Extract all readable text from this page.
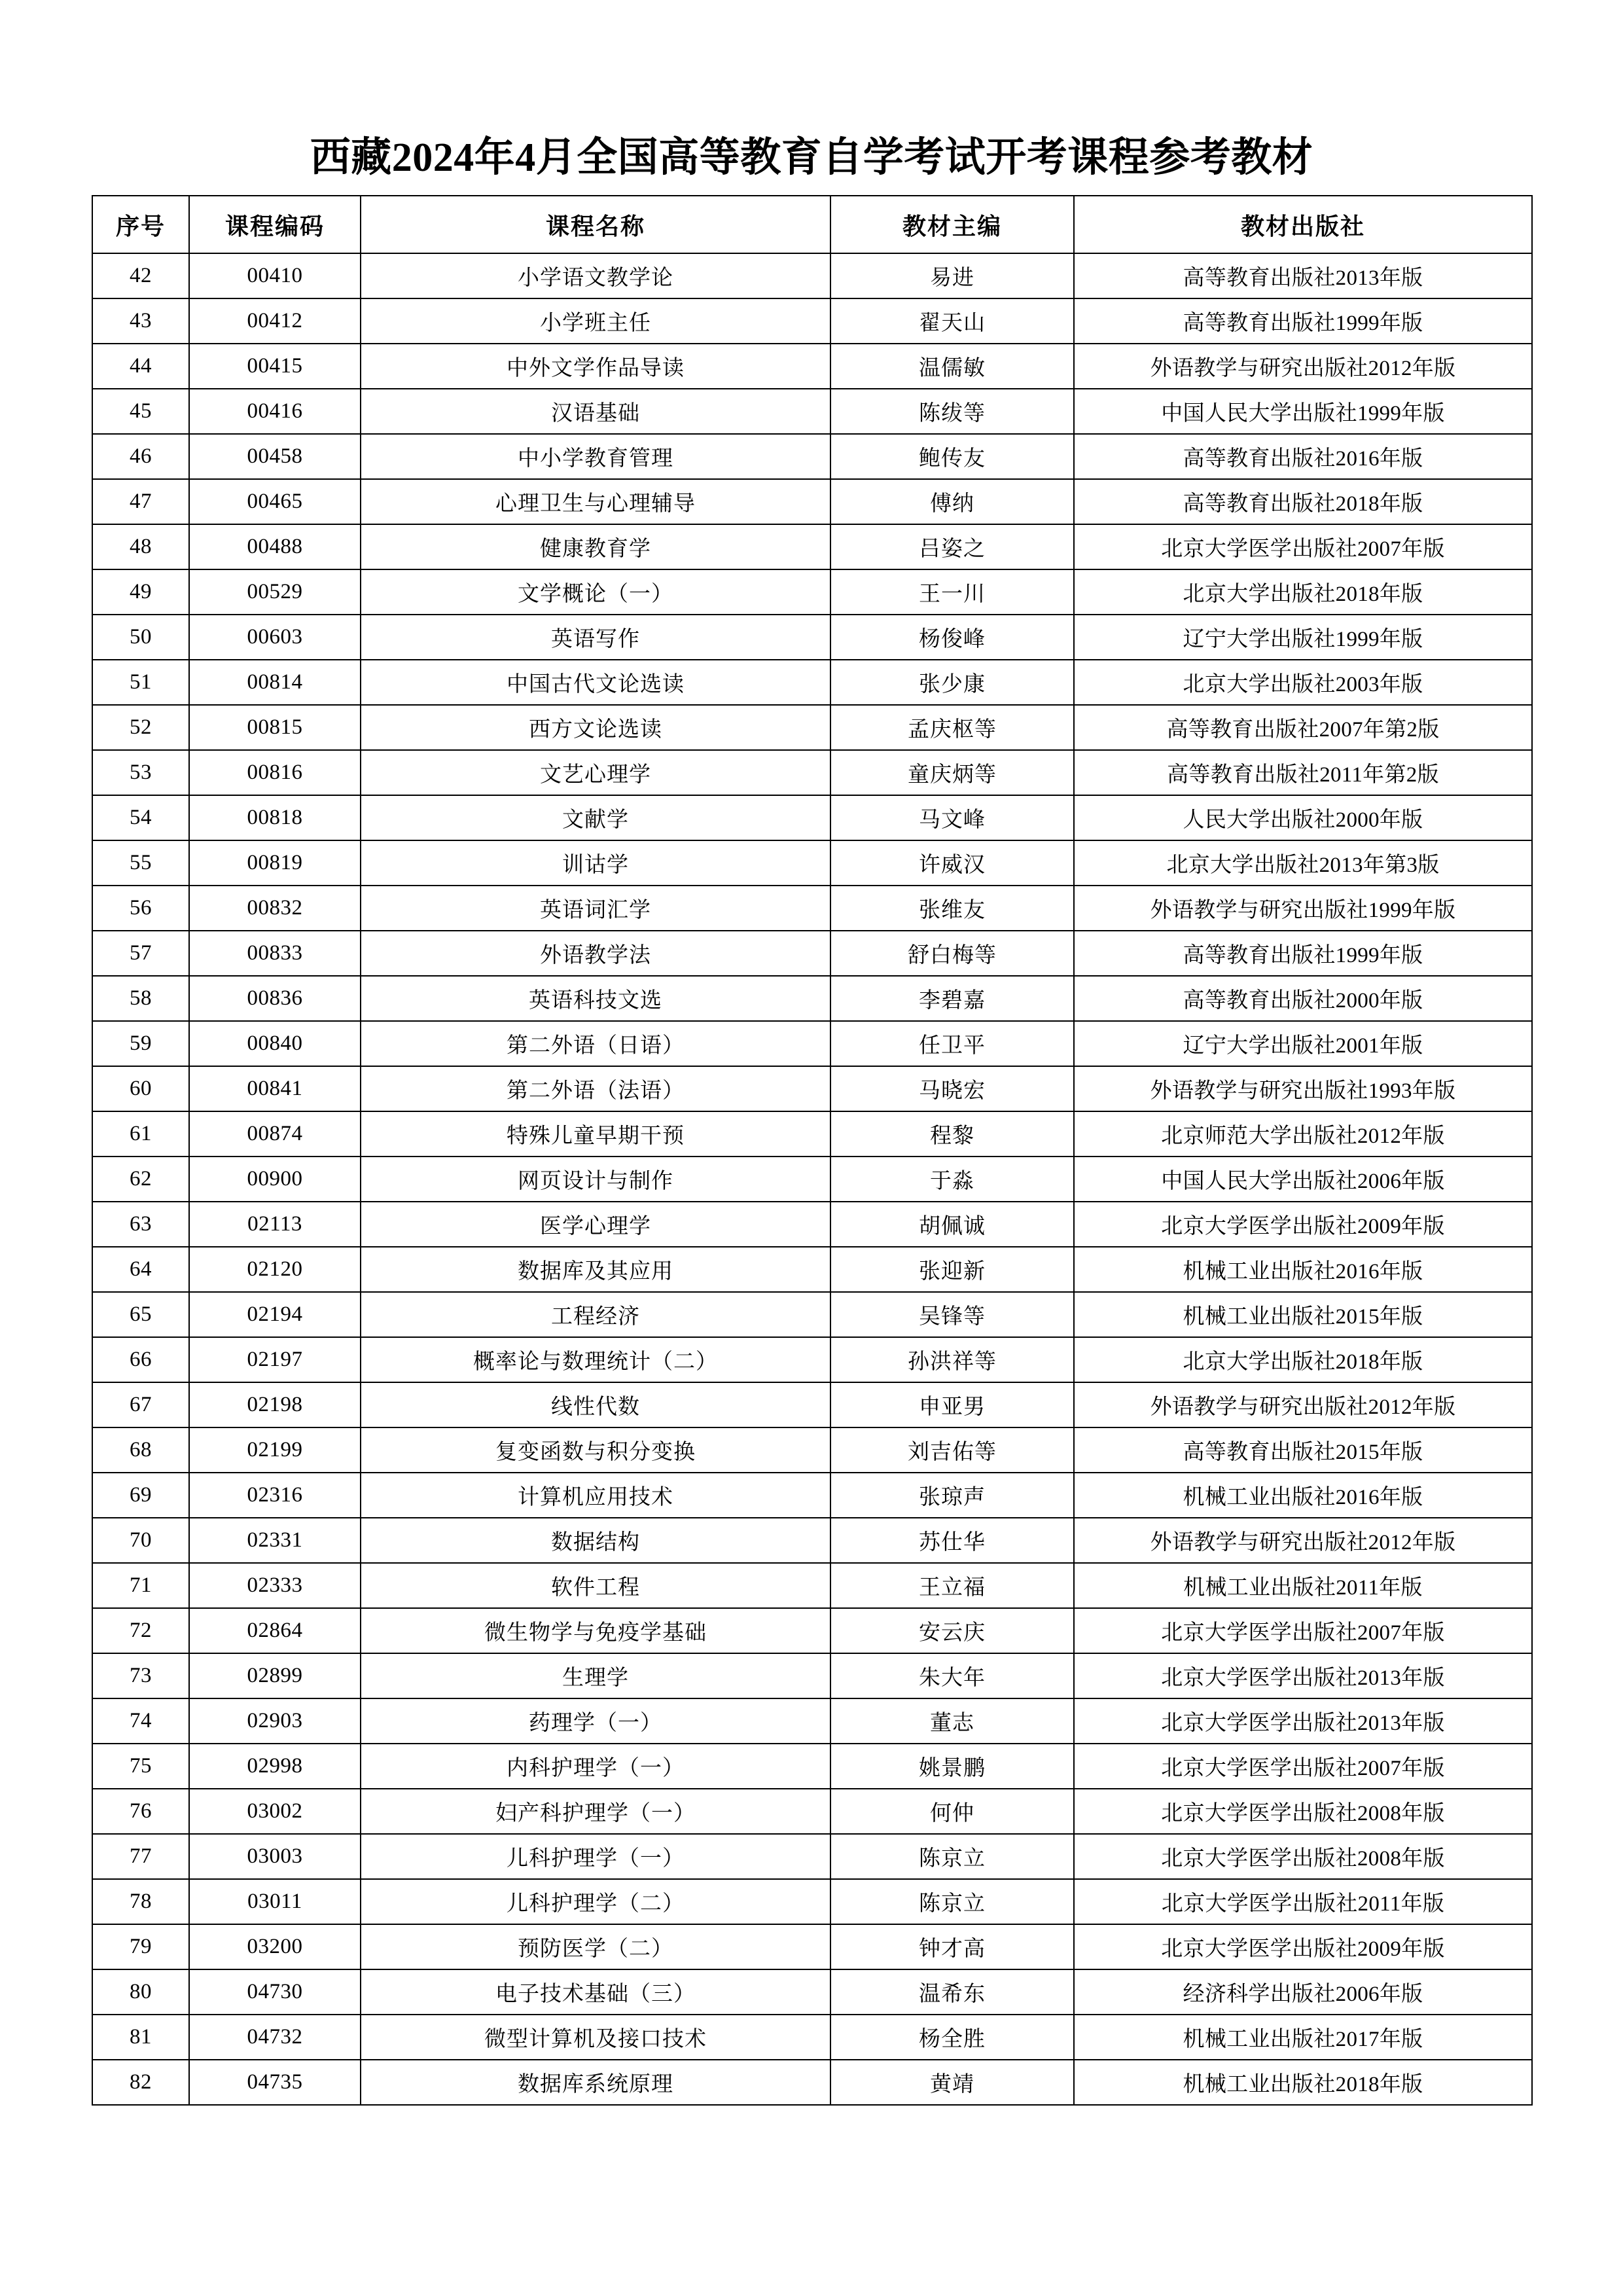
西藏2024年4月全国高等教育自学考试开考课程参考教材
序号	课程编码	课程名称	教材主编	教材出版社
42	00410	小学语文教学论	易进	高等教育出版社2013年版
43	00412	小学班主任	翟天山	高等教育出版社1999年版
44	00415	中外文学作品导读	温儒敏	外语教学与研究出版社2012年版
45	00416	汉语基础	陈绂等	中国人民大学出版社1999年版
46	00458	中小学教育管理	鲍传友	高等教育出版社2016年版
47	00465	心理卫生与心理辅导	傅纳	高等教育出版社2018年版
48	00488	健康教育学	吕姿之	北京大学医学出版社2007年版
49	00529	文学概论（一）	王一川	北京大学出版社2018年版
50	00603	英语写作	杨俊峰	辽宁大学出版社1999年版
51	00814	中国古代文论选读	张少康	北京大学出版社2003年版
52	00815	西方文论选读	孟庆枢等	高等教育出版社2007年第2版
53	00816	文艺心理学	童庆炳等	高等教育出版社2011年第2版
54	00818	文献学	马文峰	人民大学出版社2000年版
55	00819	训诂学	许威汉	北京大学出版社2013年第3版
56	00832	英语词汇学	张维友	外语教学与研究出版社1999年版
57	00833	外语教学法	舒白梅等	高等教育出版社1999年版
58	00836	英语科技文选	李碧嘉	高等教育出版社2000年版
59	00840	第二外语（日语）	任卫平	辽宁大学出版社2001年版
60	00841	第二外语（法语）	马晓宏	外语教学与研究出版社1993年版
61	00874	特殊儿童早期干预	程黎	北京师范大学出版社2012年版
62	00900	网页设计与制作	于淼	中国人民大学出版社2006年版
63	02113	医学心理学	胡佩诚	北京大学医学出版社2009年版
64	02120	数据库及其应用	张迎新	机械工业出版社2016年版
65	02194	工程经济	吴锋等	机械工业出版社2015年版
66	02197	概率论与数理统计（二）	孙洪祥等	北京大学出版社2018年版
67	02198	线性代数	申亚男	外语教学与研究出版社2012年版
68	02199	复变函数与积分变换	刘吉佑等	高等教育出版社2015年版
69	02316	计算机应用技术	张琼声	机械工业出版社2016年版
70	02331	数据结构	苏仕华	外语教学与研究出版社2012年版
71	02333	软件工程	王立福	机械工业出版社2011年版
72	02864	微生物学与免疫学基础	安云庆	北京大学医学出版社2007年版
73	02899	生理学	朱大年	北京大学医学出版社2013年版
74	02903	药理学（一）	董志	北京大学医学出版社2013年版
75	02998	内科护理学（一）	姚景鹏	北京大学医学出版社2007年版
76	03002	妇产科护理学（一）	何仲	北京大学医学出版社2008年版
77	03003	儿科护理学（一）	陈京立	北京大学医学出版社2008年版
78	03011	儿科护理学（二）	陈京立	北京大学医学出版社2011年版
79	03200	预防医学（二）	钟才高	北京大学医学出版社2009年版
80	04730	电子技术基础（三）	温希东	经济科学出版社2006年版
81	04732	微型计算机及接口技术	杨全胜	机械工业出版社2017年版
82	04735	数据库系统原理	黄靖	机械工业出版社2018年版
